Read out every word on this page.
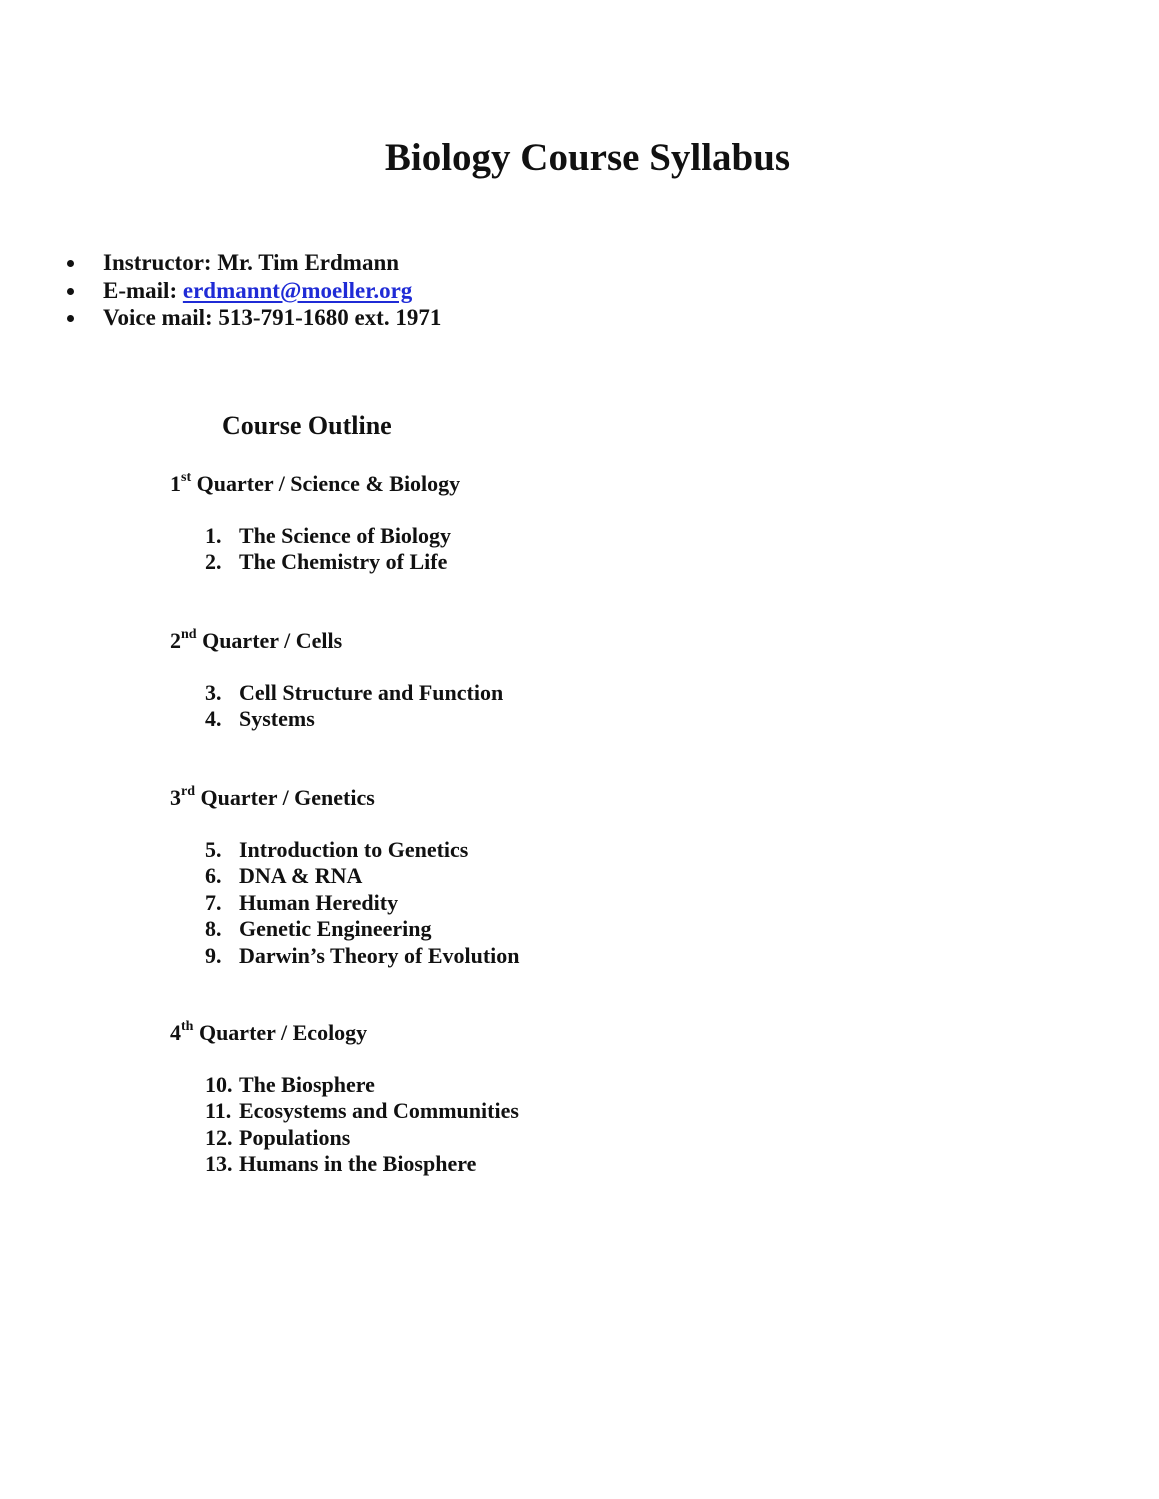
Biology Course Syllabus
Instructor: Mr. Tim Erdmann
E-mail: erdmannt@moeller.org
Voice mail: 513-791-1680 ext. 1971
Course Outline
1st Quarter / Science & Biology
1. The Science of Biology
2. The Chemistry of Life
2nd Quarter / Cells
3. Cell Structure and Function
4. Systems
3rd Quarter / Genetics
5. Introduction to Genetics
6. DNA & RNA
7. Human Heredity
8. Genetic Engineering
9. Darwin’s Theory of Evolution
4th Quarter / Ecology
10. The Biosphere
11. Ecosystems and Communities
12. Populations
13. Humans in the Biosphere
